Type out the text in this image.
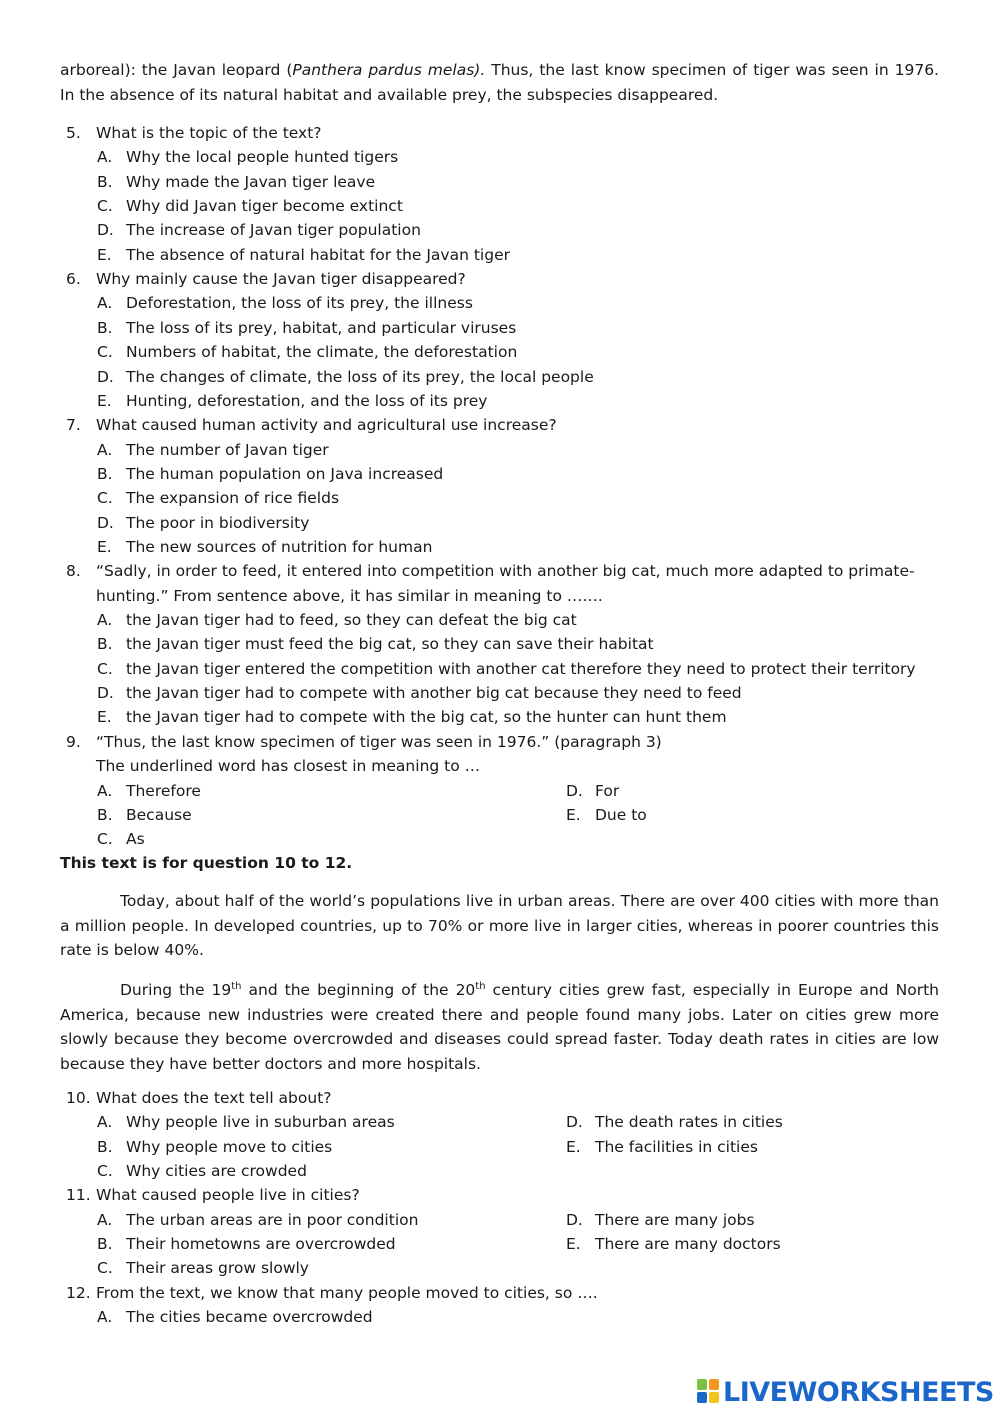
arboreal): the Javan leopard (Panthera pardus melas). Thus, the last know specimen of tiger was seen in 1976. In the absence of its natural habitat and available prey, the subspecies disappeared.
5. What is the topic of the text?
A. Why the local people hunted tigers
B. Why made the Javan tiger leave
C. Why did Javan tiger become extinct
D. The increase of Javan tiger population
E. The absence of natural habitat for the Javan tiger
6. Why mainly cause the Javan tiger disappeared?
A. Deforestation, the loss of its prey, the illness
B. The loss of its prey, habitat, and particular viruses
C. Numbers of habitat, the climate, the deforestation
D. The changes of climate, the loss of its prey, the local people
E. Hunting, deforestation, and the loss of its prey
7. What caused human activity and agricultural use increase?
A. The number of Javan tiger
B. The human population on Java increased
C. The expansion of rice fields
D. The poor in biodiversity
E. The new sources of nutrition for human
8. “Sadly, in order to feed, it entered into competition with another big cat, much more adapted to primate-
hunting.” From sentence above, it has similar in meaning to …….
A. the Javan tiger had to feed, so they can defeat the big cat
B. the Javan tiger must feed the big cat, so they can save their habitat
C. the Javan tiger entered the competition with another cat therefore they need to protect their territory
D. the Javan tiger had to compete with another big cat because they need to feed
E. the Javan tiger had to compete with the big cat, so the hunter can hunt them
9. “Thus, the last know specimen of tiger was seen in 1976.” (paragraph 3)
The underlined word has closest in meaning to …
A. Therefore
B. Because
C. As
D. For
E. Due to
This text is for question 10 to 12.
Today, about half of the world’s populations live in urban areas. There are over 400 cities with more than a million people. In developed countries, up to 70% or more live in larger cities, whereas in poorer countries this rate is below 40%.
During the 19th and the beginning of the 20th century cities grew fast, especially in Europe and North America, because new industries were created there and people found many jobs. Later on cities grew more slowly because they become overcrowded and diseases could spread faster. Today death rates in cities are low because they have better doctors and more hospitals.
10. What does the text tell about?
A. Why people live in suburban areas
B. Why people move to cities
C. Why cities are crowded
D. The death rates in cities
E. The facilities in cities
11. What caused people live in cities?
A. The urban areas are in poor condition
B. Their hometowns are overcrowded
C. Their areas grow slowly
D. There are many jobs
E. There are many doctors
12. From the text, we know that many people moved to cities, so ….
A. The cities became overcrowded
LIVEWORKSHEETS
